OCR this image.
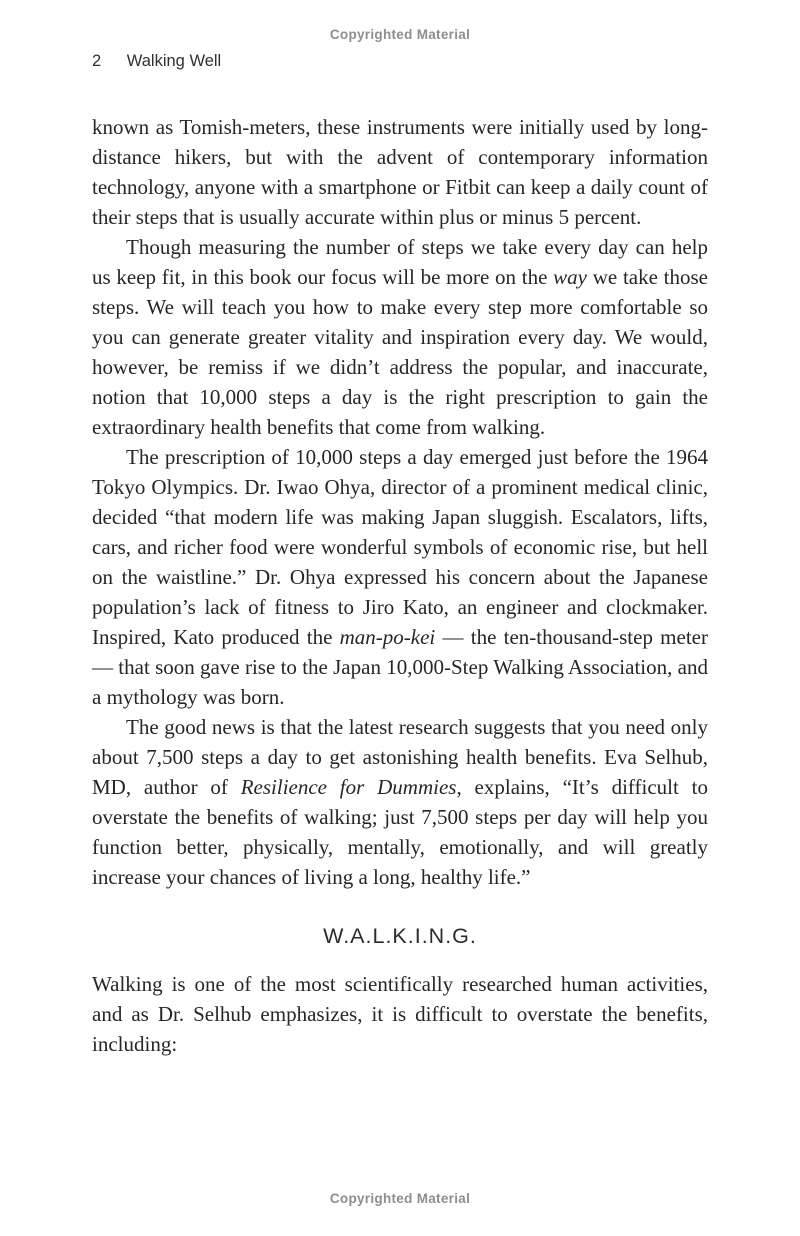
Copyrighted Material
2 Walking Well

known as Tomish-meters, these instruments were initially used by long-distance hikers, but with the advent of contemporary information technology, anyone with a smartphone or Fitbit can keep a daily count of their steps that is usually accurate within plus or minus 5 percent.

Though measuring the number of steps we take every day can help us keep fit, in this book our focus will be more on the way we take those steps. We will teach you how to make every step more comfortable so you can generate greater vitality and inspiration every day. We would, however, be remiss if we didn’t address the popular, and inaccurate, notion that 10,000 steps a day is the right prescription to gain the extraordinary health benefits that come from walking.

The prescription of 10,000 steps a day emerged just before the 1964 Tokyo Olympics. Dr. Iwao Ohya, director of a prominent medical clinic, decided “that modern life was making Japan sluggish. Escalators, lifts, cars, and richer food were wonderful symbols of economic rise, but hell on the waistline.” Dr. Ohya expressed his concern about the Japanese population’s lack of fitness to Jiro Kato, an engineer and clockmaker. Inspired, Kato produced the man-po-kei — the ten-thousand-step meter — that soon gave rise to the Japan 10,000-Step Walking Association, and a mythology was born.

The good news is that the latest research suggests that you need only about 7,500 steps a day to get astonishing health benefits. Eva Selhub, MD, author of Resilience for Dummies, explains, “It’s difficult to overstate the benefits of walking; just 7,500 steps per day will help you function better, physically, mentally, emotionally, and will greatly increase your chances of living a long, healthy life.”

W.A.L.K.I.N.G.

Walking is one of the most scientifically researched human activities, and as Dr. Selhub emphasizes, it is difficult to overstate the benefits, including:

Copyrighted Material
